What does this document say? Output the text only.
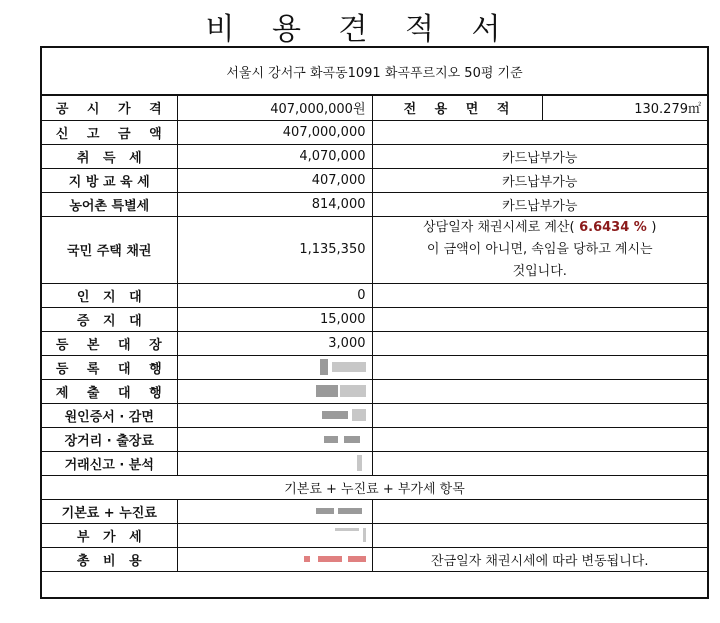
비 용 견 적 서
서울시 강서구 화곡동1091 화곡푸르지오 50평 기준
공 시 가 격	407,000,000원	전 용 면 적	130.279㎡
신 고 금 액	407,000,000		
취   득   세	4,070,000	카드납부가능	
지 방 교 육 세	407,000	카드납부가능	
농어촌 특별세	814,000	카드납부가능	
국민 주택 채권	1,135,350	상담일자 채권시세로 계산( 6.6434 % )
이 금액이 아니면, 속임을 당하고 계시는
것입니다.	
인   지   대	0		
증   지   대	15,000		
등 본 대 장	3,000		
등 록 대 행			
제 출 대 행			
원인증서 · 감면			
장거리 · 출장료			
거래신고 · 분석			
기본료 + 누진료 + 부가세 항목			
기본료 + 누진료			
부   가   세			
총   비   용		잔금일자 채권시세에 따라 변동됩니다.	
